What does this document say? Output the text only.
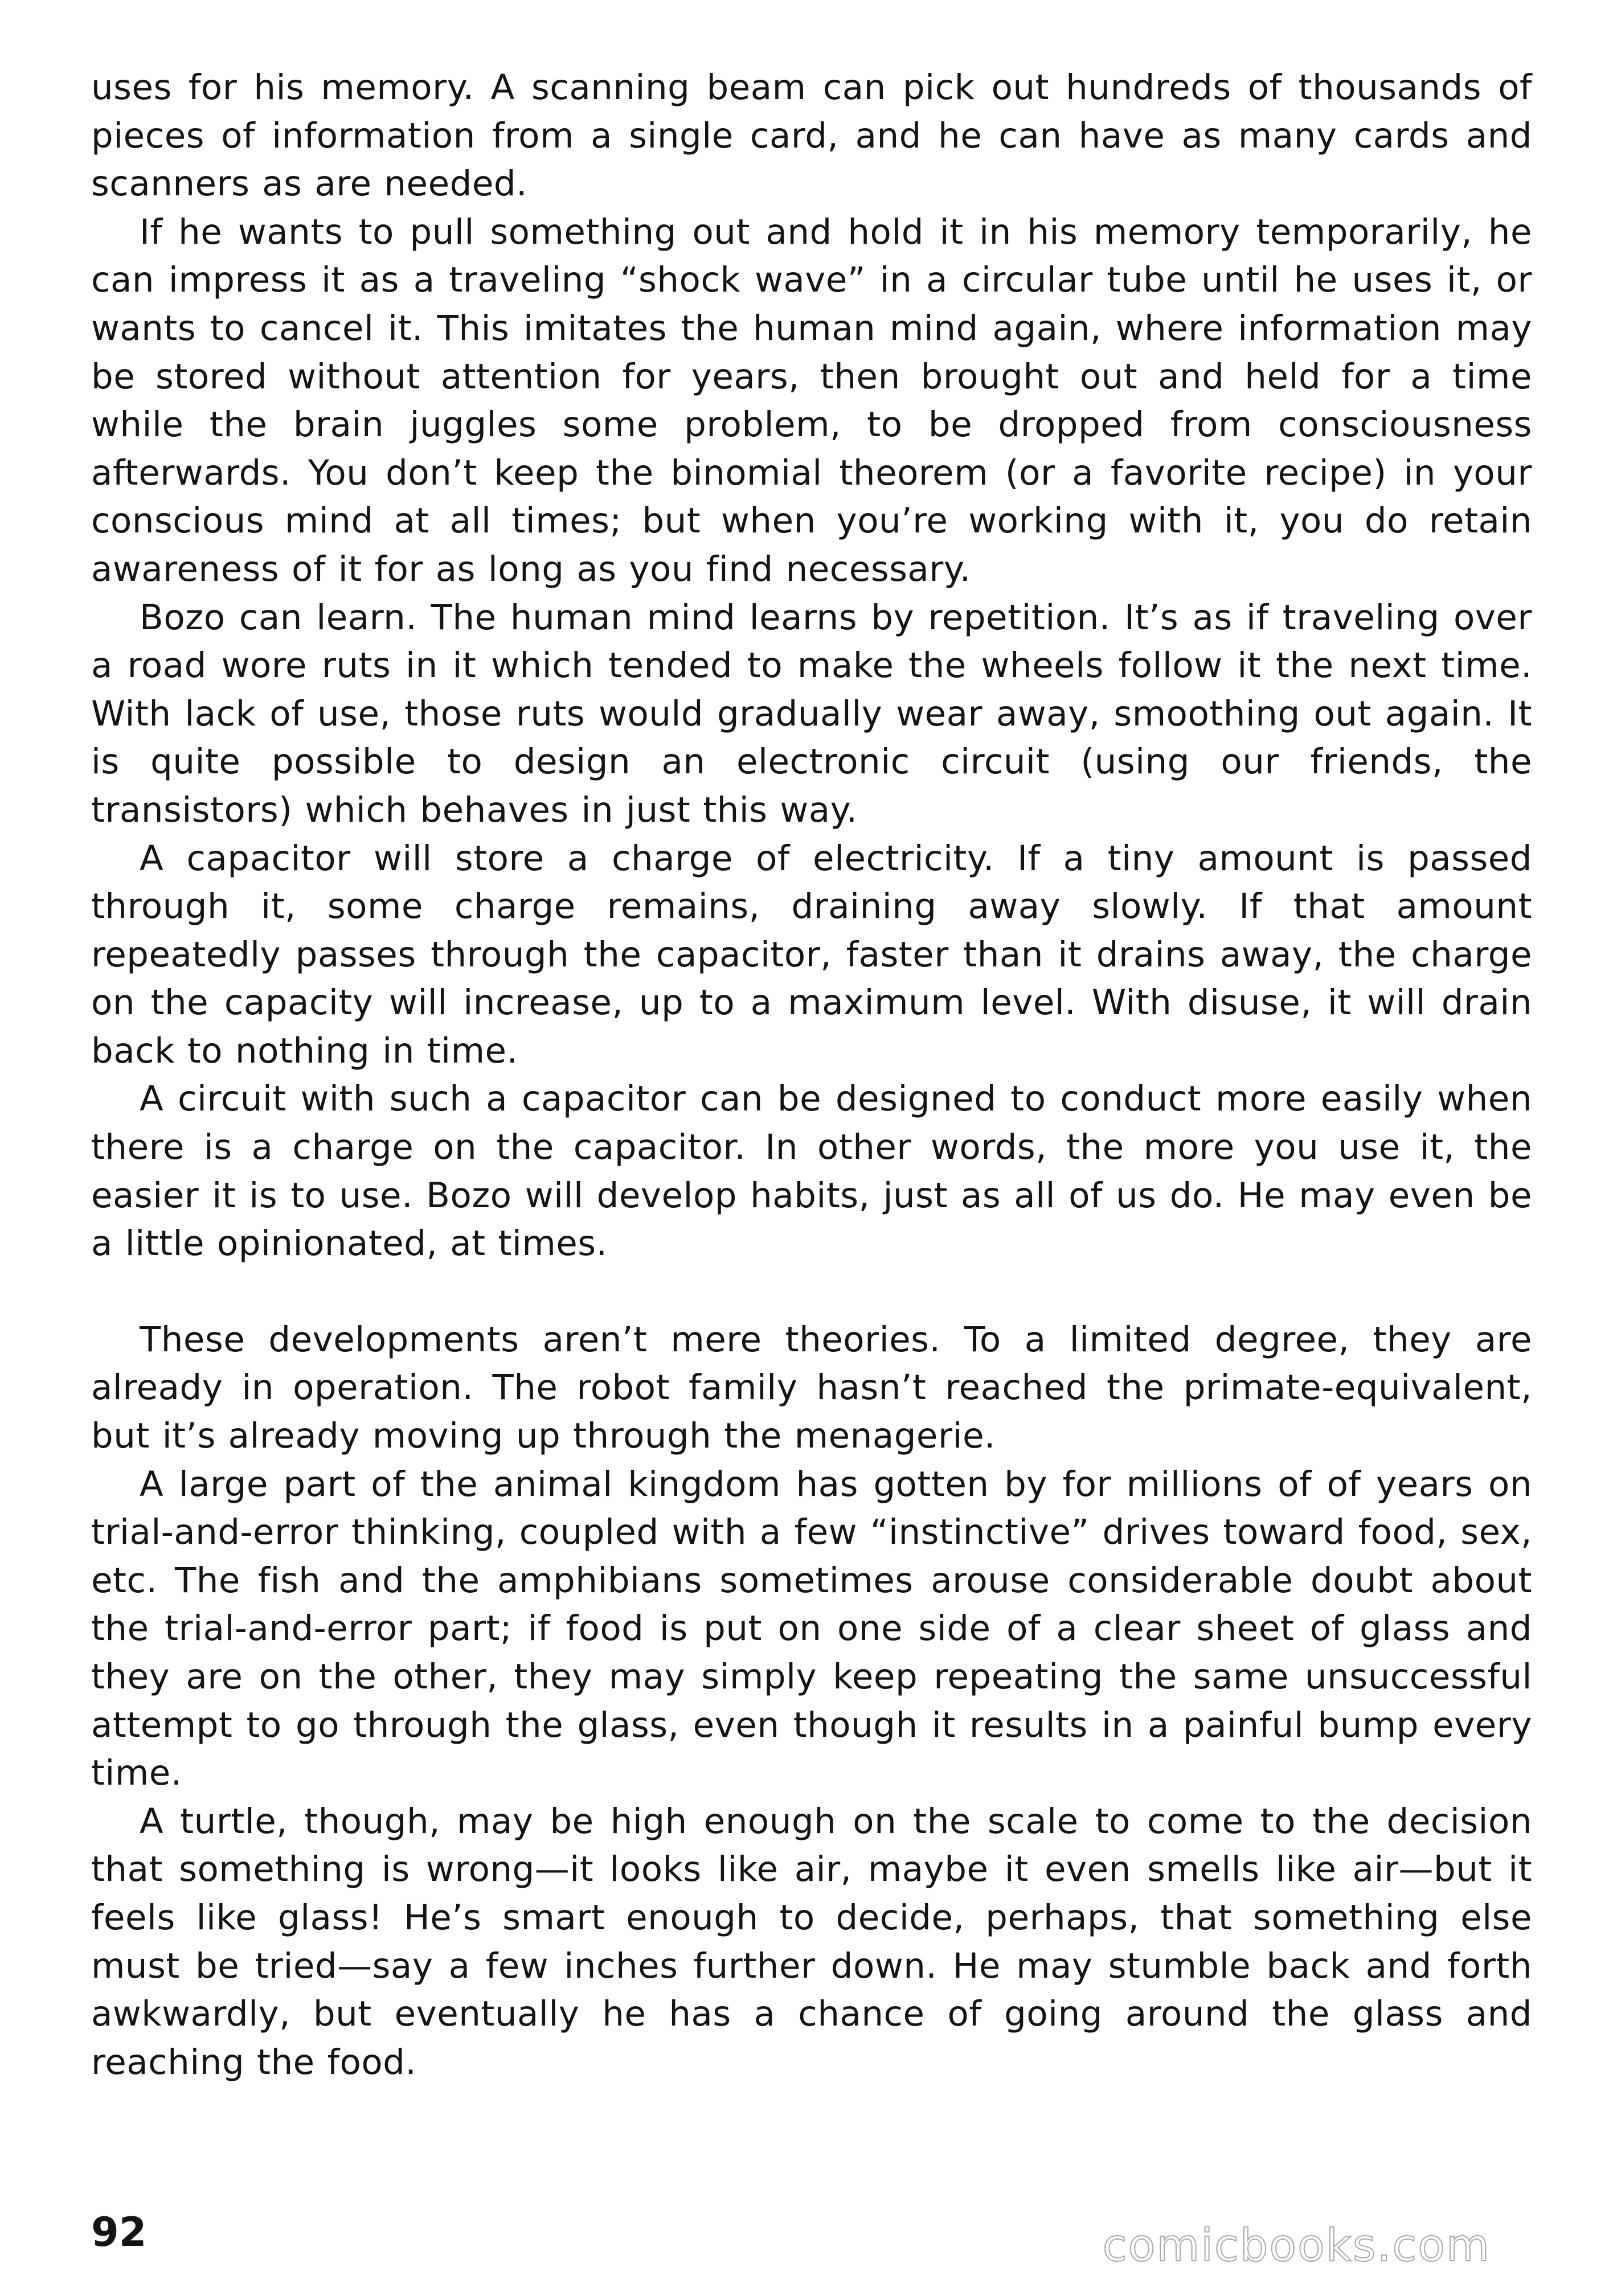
uses for his memory. A scanning beam can pick out hundreds of thousands of pieces of information from a single card, and he can have as many cards and scanners as are needed.

If he wants to pull something out and hold it in his memory temporarily, he can impress it as a traveling “shock wave” in a circular tube until he uses it, or wants to cancel it. This imitates the human mind again, where information may be stored without attention for years, then brought out and held for a time while the brain juggles some problem, to be dropped from consciousness afterwards. You don’t keep the binomial theorem (or a favorite recipe) in your conscious mind at all times; but when you’re working with it, you do retain awareness of it for as long as you find necessary.

Bozo can learn. The human mind learns by repetition. It’s as if traveling over a road wore ruts in it which tended to make the wheels follow it the next time. With lack of use, those ruts would gradually wear away, smoothing out again. It is quite possible to design an electronic circuit (using our friends, the transistors) which behaves in just this way.

A capacitor will store a charge of electricity. If a tiny amount is passed through it, some charge remains, draining away slowly. If that amount repeatedly passes through the capacitor, faster than it drains away, the charge on the capacity will increase, up to a maximum level. With disuse, it will drain back to nothing in time.

A circuit with such a capacitor can be designed to conduct more easily when there is a charge on the capacitor. In other words, the more you use it, the easier it is to use. Bozo will develop habits, just as all of us do. He may even be a little opinionated, at times.

These developments aren’t mere theories. To a limited degree, they are already in operation. The robot family hasn’t reached the primate-equivalent, but it’s already moving up through the menagerie.

A large part of the animal kingdom has gotten by for millions of of years on trial-and-error thinking, coupled with a few “instinctive” drives toward food, sex, etc. The fish and the amphibians sometimes arouse considerable doubt about the trial-and-error part; if food is put on one side of a clear sheet of glass and they are on the other, they may simply keep repeating the same unsuccessful attempt to go through the glass, even though it results in a painful bump every time.

A turtle, though, may be high enough on the scale to come to the decision that something is wrong—it looks like air, maybe it even smells like air—but it feels like glass! He’s smart enough to decide, perhaps, that something else must be tried—say a few inches further down. He may stumble back and forth awkwardly, but eventually he has a chance of going around the glass and reaching the food.

92	comicbooks.com
